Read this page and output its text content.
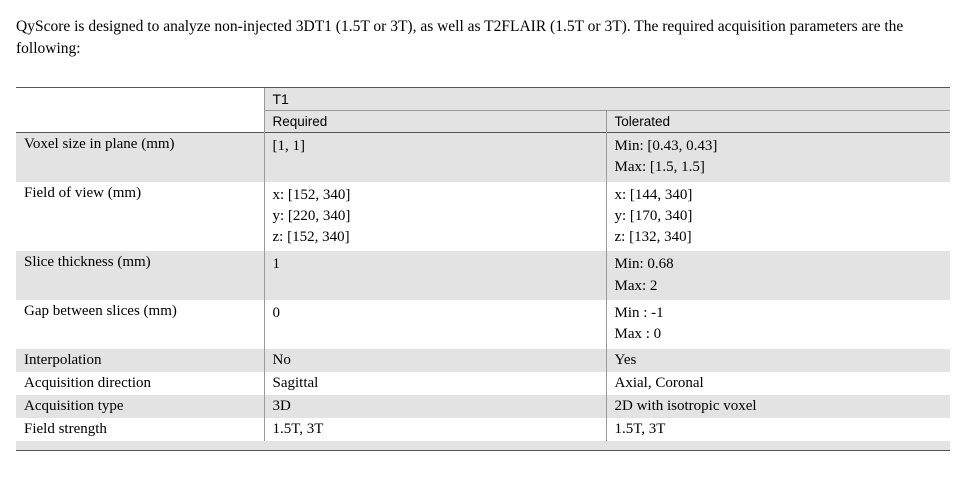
QyScore is designed to analyze non-injected 3DT1 (1.5T or 3T), as well as T2FLAIR (1.5T or 3T). The required acquisition parameters are the following:

	T1	
	Required	Tolerated
Voxel size in plane (mm)	[1, 1]	Min: [0.43, 0.43]
Max: [1.5, 1.5]

Field of view (mm)	x: [152, 340]
y: [220, 340]
z: [152, 340]	x: [144, 340]
y: [170, 340]
z: [132, 340]

Slice thickness (mm)	1	Min: 0.68
Max: 2

Gap between slices (mm)	0	Min : -1
Max : 0

Interpolation	No	Yes
Acquisition direction	Sagittal	Axial, Coronal
Acquisition type	3D	2D with isotropic voxel
Field strength	1.5T, 3T	1.5T, 3T
